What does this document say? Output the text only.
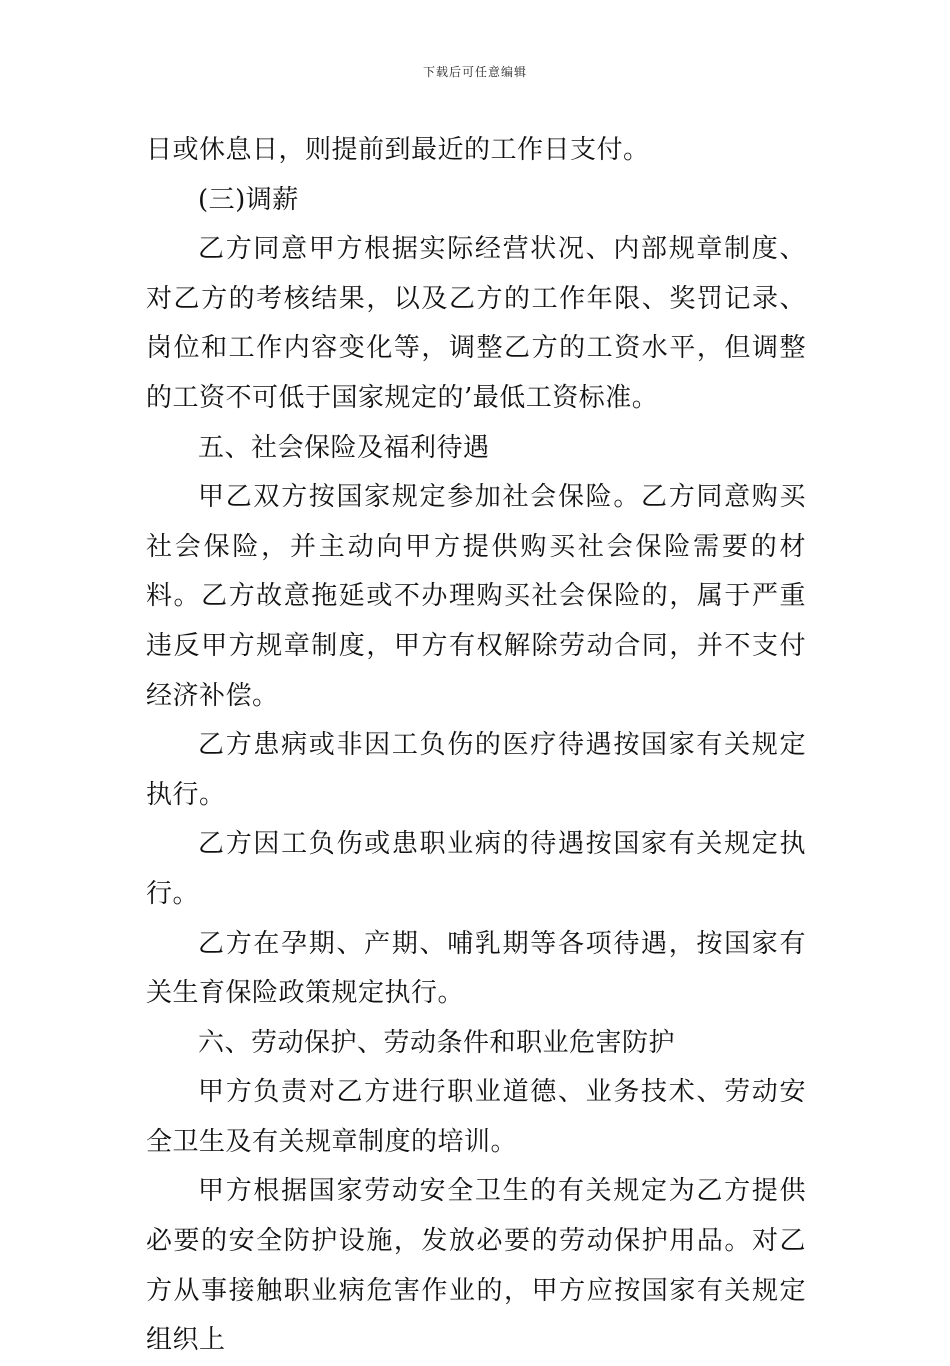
下载后可任意编辑

日或休息日，则提前到最近的工作日支付。

(三)调薪

乙方同意甲方根据实际经营状况、内部规章制度、对乙方的考核结果，以及乙方的工作年限、奖罚记录、岗位和工作内容变化等，调整乙方的工资水平，但调整的工资不可低于国家规定的’最低工资标准。

五、社会保险及福利待遇

甲乙双方按国家规定参加社会保险。乙方同意购买社会保险，并主动向甲方提供购买社会保险需要的材料。乙方故意拖延或不办理购买社会保险的，属于严重违反甲方规章制度，甲方有权解除劳动合同，并不支付经济补偿。

乙方患病或非因工负伤的医疗待遇按国家有关规定执行。

乙方因工负伤或患职业病的待遇按国家有关规定执行。

乙方在孕期、产期、哺乳期等各项待遇，按国家有关生育保险政策规定执行。

六、劳动保护、劳动条件和职业危害防护

甲方负责对乙方进行职业道德、业务技术、劳动安全卫生及有关规章制度的培训。

甲方根据国家劳动安全卫生的有关规定为乙方提供必要的安全防护设施，发放必要的劳动保护用品。对乙方从事接触职业病危害作业的，甲方应按国家有关规定组织上
